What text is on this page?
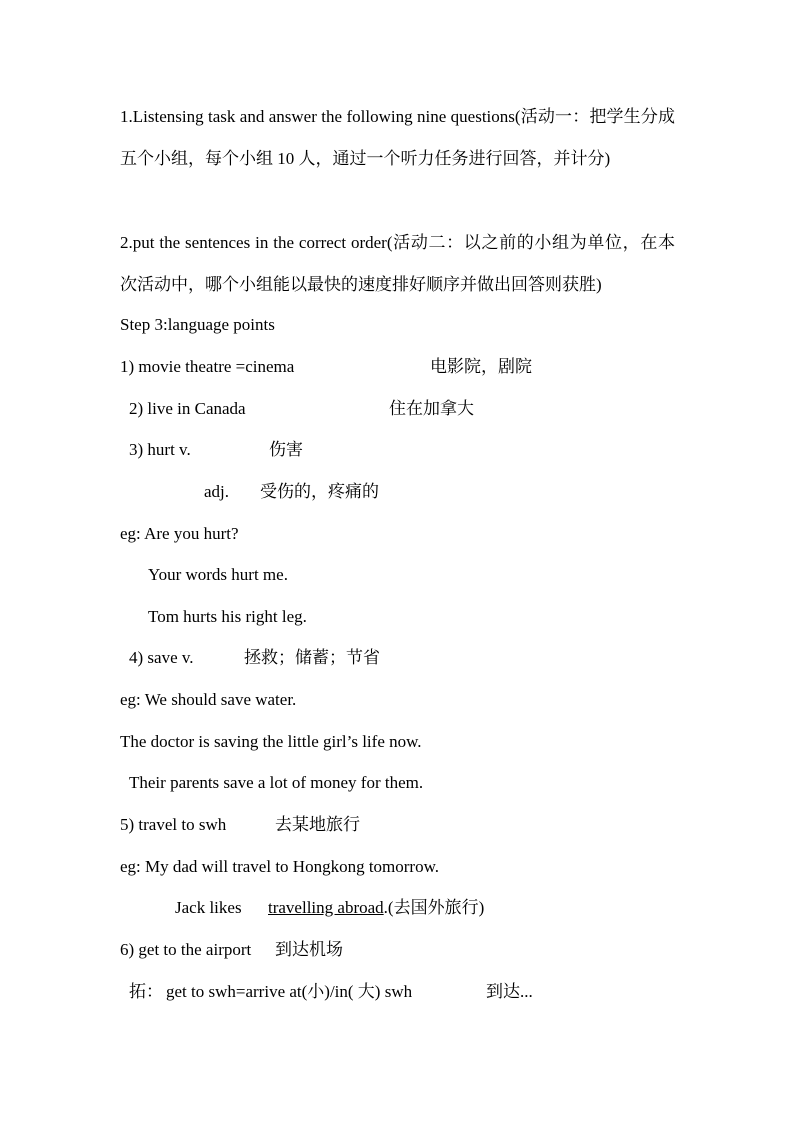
1.Listensing task and answer the following nine questions(活动一：把学生分成五个小组，每个小组 10 人，通过一个听力任务进行回答，并计分)
2.put the sentences in the correct order(活动二：以之前的小组为单位，在本次活动中，哪个小组能以最快的速度排好顺序并做出回答则获胜)
Step 3:language points
1) movie theatre =cinema	电影院，剧院
2) live in Canada	住在加拿大
3) hurt v.	伤害
adj. 受伤的，疼痛的
eg: Are you hurt?
Your words hurt me.
Tom hurts his right leg.
4) save v.	拯救；储蓄；节省
eg: We should save water.
The doctor is saving the little girl’s life now.
Their parents save a lot of money for them.
5) travel to swh	去某地旅行
eg: My dad will travel to Hongkong tomorrow.
Jack likes travelling abroad.(去国外旅行)
6) get to the airport 到达机场
拓： get to swh=arrive at(小)/in( 大) swh	到达...
